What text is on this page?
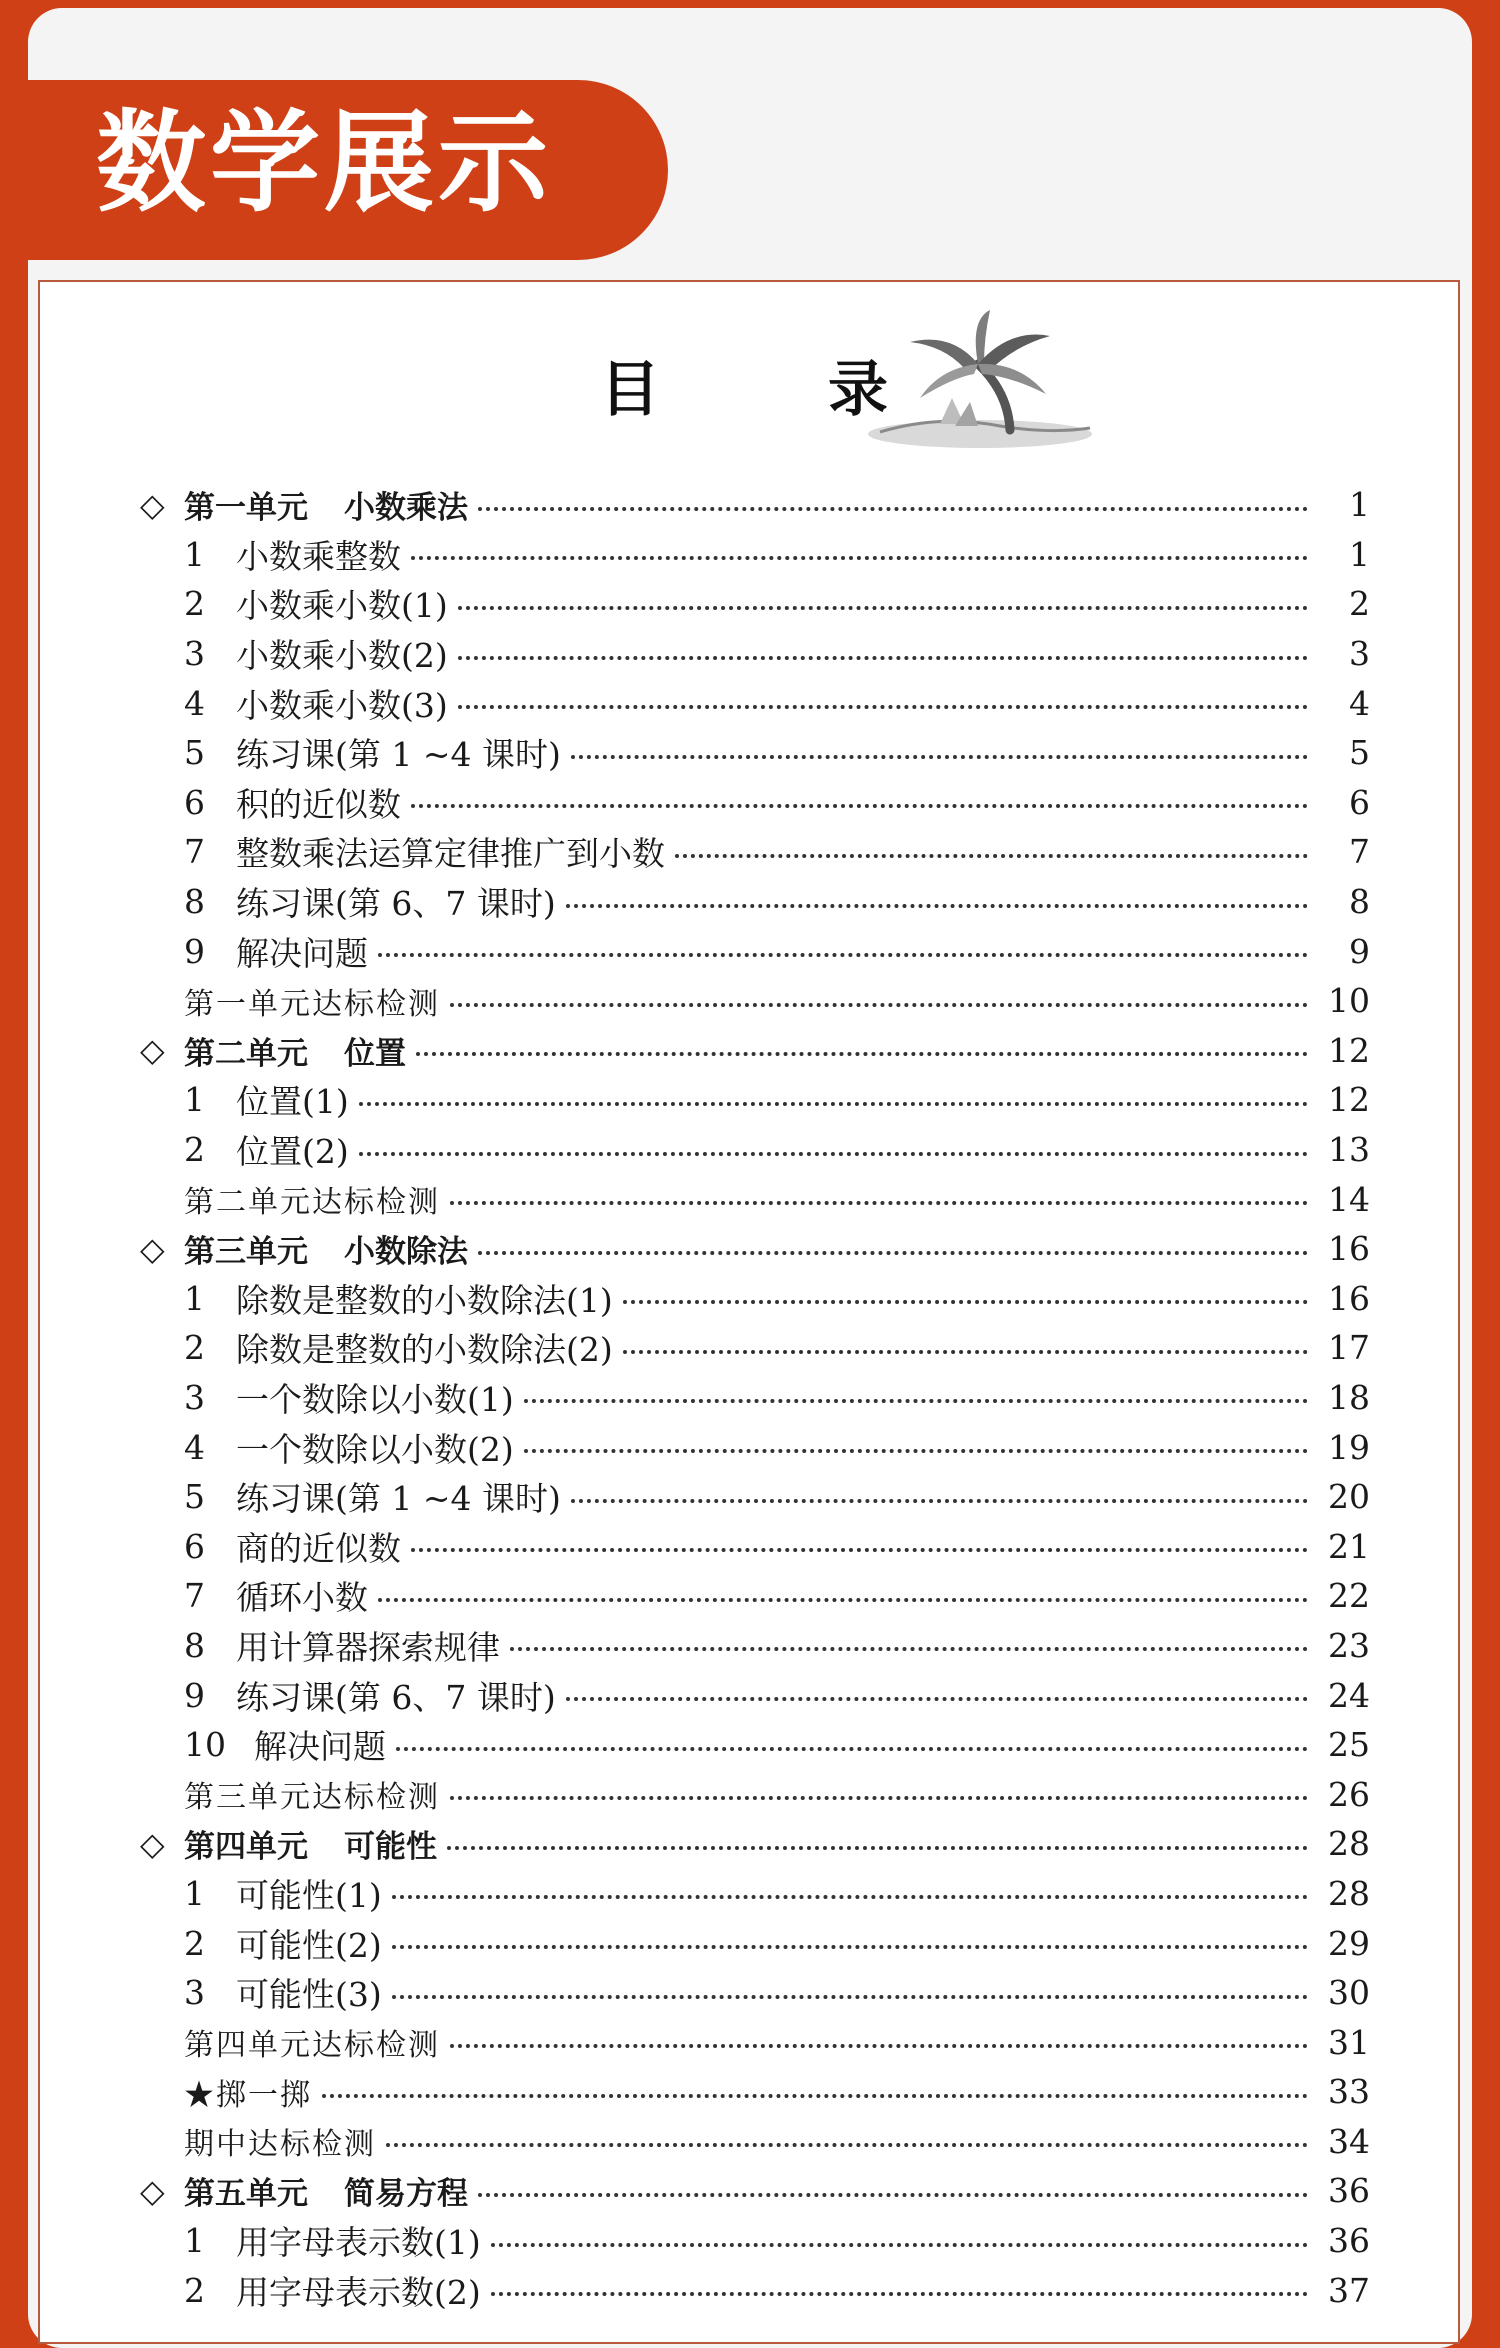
数学展示
目	录
◇ 第一单元 小数乘法	1
1 小数乘整数	1
2 小数乘小数(1)	2
3 小数乘小数(2)	3
4 小数乘小数(3)	4
5 练习课(第 1 ~4 课时)	5
6 积的近似数	6
7 整数乘法运算定律推广到小数	7
8 练习课(第 6、7 课时)	8
9 解决问题	9
第一单元达标检测	10
◇ 第二单元 位置	12
1 位置(1)	12
2 位置(2)	13
第二单元达标检测	14
◇ 第三单元 小数除法	16
1 除数是整数的小数除法(1)	16
2 除数是整数的小数除法(2)	17
3 一个数除以小数(1)	18
4 一个数除以小数(2)	19
5 练习课(第 1 ~4 课时)	20
6 商的近似数	21
7 循环小数	22
8 用计算器探索规律	23
9 练习课(第 6、7 课时)	24
10 解决问题	25
第三单元达标检测	26
◇ 第四单元 可能性	28
1 可能性(1)	28
2 可能性(2)	29
3 可能性(3)	30
第四单元达标检测	31
★掷一掷	33
期中达标检测	34
◇ 第五单元 简易方程	36
1 用字母表示数(1)	36
2 用字母表示数(2)	37
